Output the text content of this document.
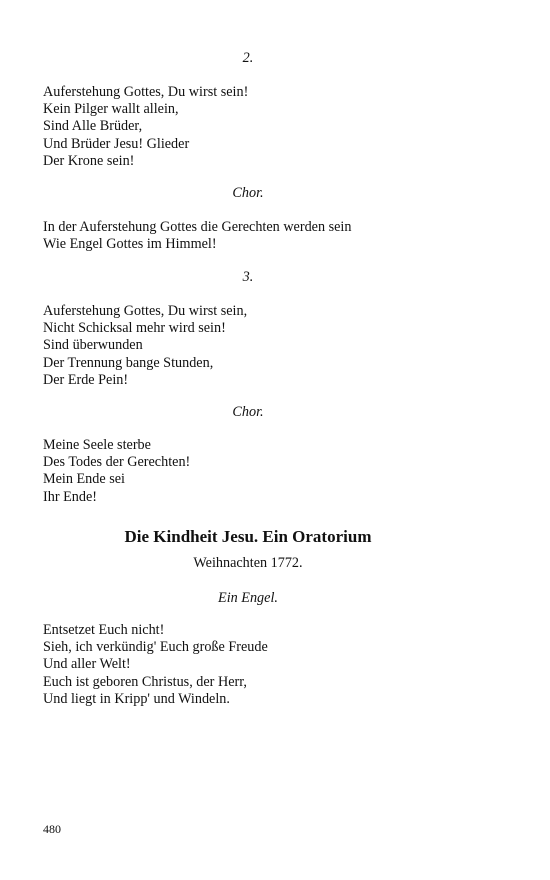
2.
Auferstehung Gottes, Du wirst sein!
Kein Pilger wallt allein,
Sind Alle Brüder,
Und Brüder Jesu! Glieder
Der Krone sein!
Chor.
In der Auferstehung Gottes die Gerechten werden sein
Wie Engel Gottes im Himmel!
3.
Auferstehung Gottes, Du wirst sein,
Nicht Schicksal mehr wird sein!
Sind überwunden
Der Trennung bange Stunden,
Der Erde Pein!
Chor.
Meine Seele sterbe
Des Todes der Gerechten!
Mein Ende sei
Ihr Ende!
Die Kindheit Jesu. Ein Oratorium
Weihnachten 1772.
Ein Engel.
Entsetzet Euch nicht!
Sieh, ich verkündig' Euch große Freude
Und aller Welt!
Euch ist geboren Christus, der Herr,
Und liegt in Kripp' und Windeln.
480
